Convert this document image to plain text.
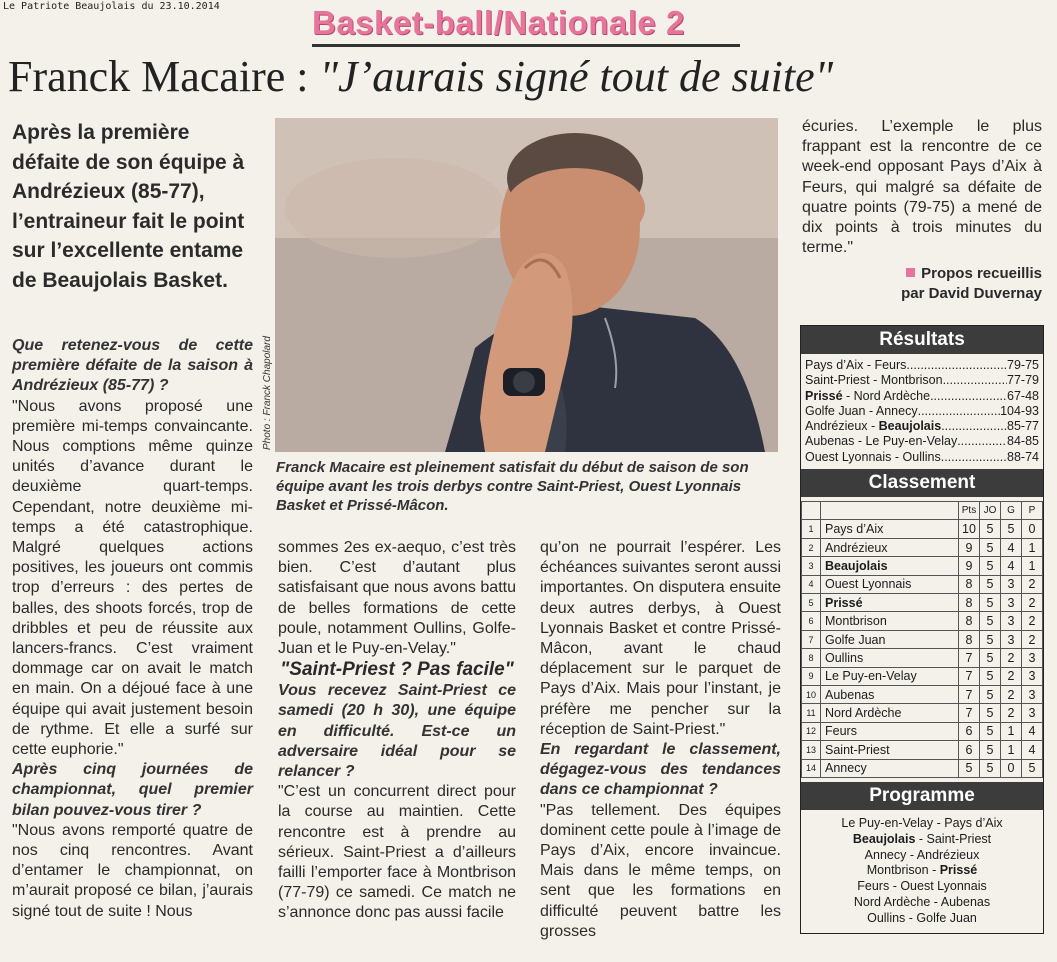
Le Patriote Beaujolais du 23.10.2014	Basket-ball/Nationale 2
Franck Macaire : "J’aurais signé tout de suite"
Après la première défaite de son équipe à Andrézieux (85-77), l’entraineur fait le point sur l’excellente entame de Beaujolais Basket.

Que retenez-vous de cette première défaite de la saison à Andrézieux (85-77) ?

"Nous avons proposé une première mi-temps convaincante. Nous comptions même quinze unités d’avance durant le deuxième quart-temps. Cependant, notre deuxième mi-temps a été catastrophique. Malgré quelques actions positives, les joueurs ont commis trop d’erreurs : des pertes de balles, des shoots forcés, trop de dribbles et peu de réussite aux lancers-francs. C’est vraiment dommage car on avait le match en main. On a déjoué face à une équipe qui avait justement besoin de rythme. Et elle a surfé sur cette euphorie."

Après cinq journées de championnat, quel premier bilan pouvez-vous tirer ?

"Nous avons remporté quatre de nos cinq rencontres. Avant d’entamer le championnat, on m’aurait proposé ce bilan, j’aurais signé tout de suite ! Nous

Photo : Franck Chapolard
Franck Macaire est pleinement satisfait du début de saison de son équipe avant les trois derbys contre Saint-Priest, Ouest Lyonnais Basket et Prissé-Mâcon.

sommes 2es ex-aequo, c’est très bien. C’est d’autant plus satisfaisant que nous avons battu de belles formations de cette poule, notamment Oullins, Golfe-Juan et le Puy-en-Velay."

"Saint-Priest ? Pas facile"

Vous recevez Saint-Priest ce samedi (20 h 30), une équipe en difficulté. Est-ce un adversaire idéal pour se relancer ?

"C’est un concurrent direct pour la course au maintien. Cette rencontre est à prendre au sérieux. Saint-Priest a d’ailleurs failli l’emporter face à Montbrison (77-79) ce samedi. Ce match ne s’annonce donc pas aussi facile

qu’on ne pourrait l’espérer. Les échéances suivantes seront aussi importantes. On disputera ensuite deux autres derbys, à Ouest Lyonnais Basket et contre Prissé-Mâcon, avant le chaud déplacement sur le parquet de Pays d’Aix. Mais pour l’instant, je préfère me pencher sur la réception de Saint-Priest."

En regardant le classement, dégagez-vous des tendances dans ce championnat ?

"Pas tellement. Des équipes dominent cette poule à l’image de Pays d’Aix, encore invaincue. Mais dans le même temps, on sent que les formations en difficulté peuvent battre les grosses

écuries. L’exemple le plus frappant est la rencontre de ce week-end opposant Pays d’Aix à Feurs, qui malgré sa défaite de quatre points (79-75) a mené de dix points à trois minutes du terme."

Propos recueillis
par David Duvernay
Résultats
Pays d’Aix - Feurs .....	79-75
Saint-Priest - Montbrison .....	77-79
Prissé - Nord Ardèche .....	67-48
Golfe Juan - Annecy .....	104-93
Andrézieux - Beaujolais .....	85-77
Aubenas - Le Puy-en-Velay .....	84-85
Ouest Lyonnais - Oullins .....	88-74
Classement
		Pts	JO	G	P
1	Pays d’Aix	10	5	5	0
2	Andrézieux	9	5	4	1
3	Beaujolais	9	5	4	1
4	Ouest Lyonnais	8	5	3	2
5	Prissé	8	5	3	2
6	Montbrison	8	5	3	2
7	Golfe Juan	8	5	3	2
8	Oullins	7	5	2	3
9	Le Puy-en-Velay	7	5	2	3
10	Aubenas	7	5	2	3
11	Nord Ardèche	7	5	2	3
12	Feurs	6	5	1	4
13	Saint-Priest	6	5	1	4
14	Annecy	5	5	0	5
Programme
Le Puy-en-Velay - Pays d’Aix
Beaujolais - Saint-Priest
Annecy - Andrézieux
Montbrison - Prissé
Feurs - Ouest Lyonnais
Nord Ardèche - Aubenas
Oullins - Golfe Juan
